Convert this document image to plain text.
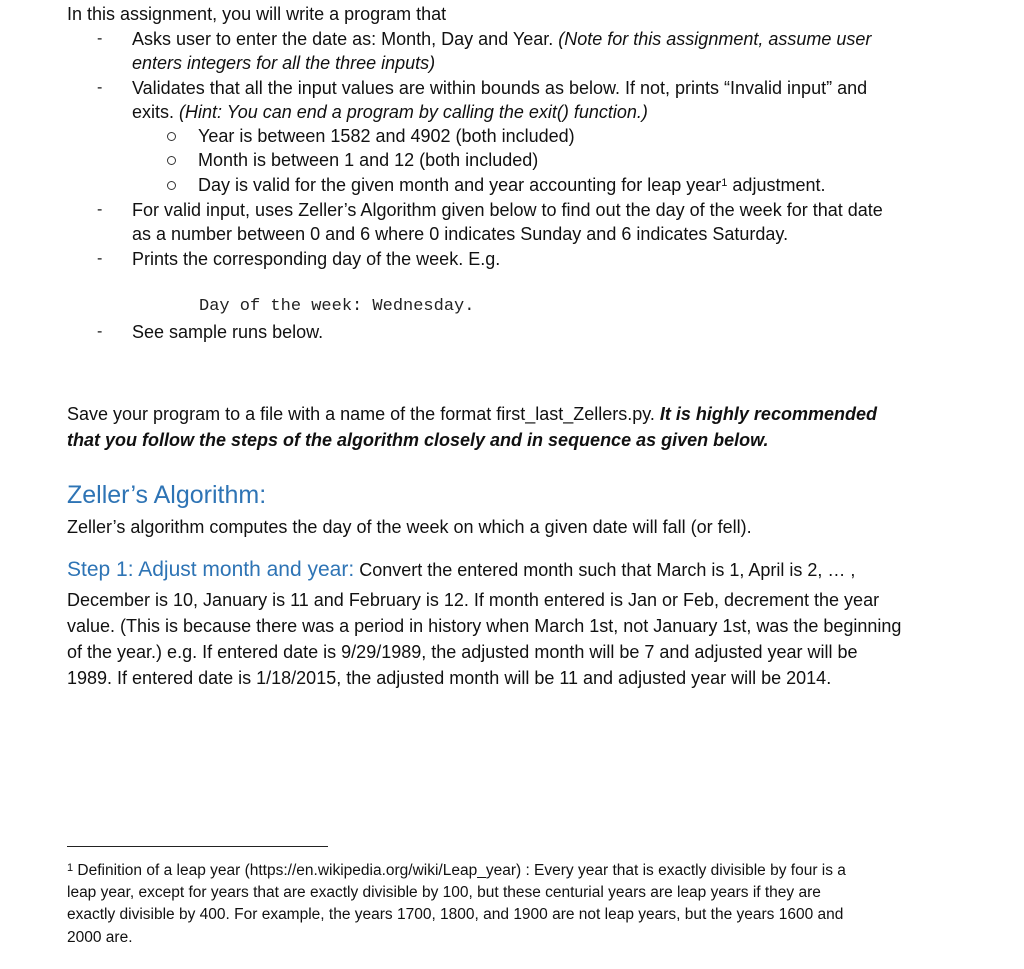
In this assignment, you will write a program that
- Asks user to enter the date as: Month, Day and Year. (Note for this assignment, assume user
enters integers for all the three inputs)
- Validates that all the input values are within bounds as below. If not, prints “Invalid input” and
exits. (Hint: You can end a program by calling the exit() function.)
Year is between 1582 and 4902 (both included)
Month is between 1 and 12 (both included)
Day is valid for the given month and year accounting for leap year$^1$ adjustment.
- For valid input, uses Zeller’s Algorithm given below to find out the day of the week for that date
as a number between 0 and 6 where 0 indicates Sunday and 6 indicates Saturday.
- Prints the corresponding day of the week. E.g.
Day of the week: Wednesday.
- See sample runs below.
Save your program to a file with a name of the format first_last_Zellers.py. It is highly recommended
that you follow the steps of the algorithm closely and in sequence as given below.
Zeller’s Algorithm:
Zeller’s algorithm computes the day of the week on which a given date will fall (or fell).
Step 1: Adjust month and year: Convert the entered month such that March is 1, April is 2, … ,
December is 10, January is 11 and February is 12. If month entered is Jan or Feb, decrement the year
value. (This is because there was a period in history when March 1st, not January 1st, was the beginning
of the year.) e.g. If entered date is 9/29/1989, the adjusted month will be 7 and adjusted year will be
1989. If entered date is 1/18/2015, the adjusted month will be 11 and adjusted year will be 2014.
$^1$ Definition of a leap year (https://en.wikipedia.org/wiki/Leap_year) : Every year that is exactly divisible by four is a
leap year, except for years that are exactly divisible by 100, but these centurial years are leap years if they are
exactly divisible by 400. For example, the years 1700, 1800, and 1900 are not leap years, but the years 1600 and
2000 are.
